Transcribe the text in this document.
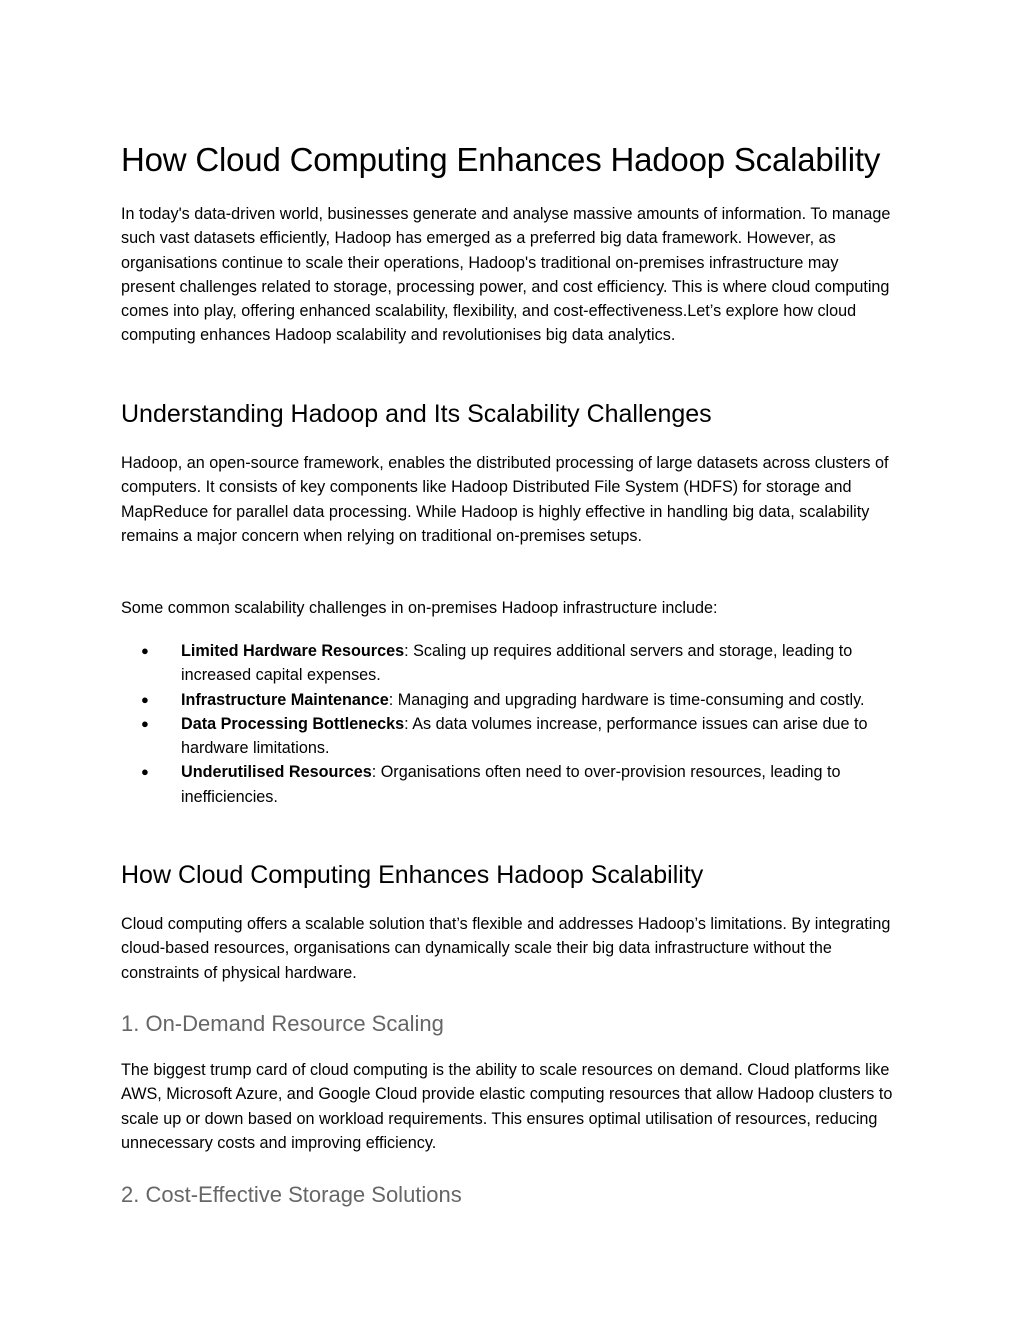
How Cloud Computing Enhances Hadoop Scalability

In today's data-driven world, businesses generate and analyse massive amounts of information. To manage such vast datasets efficiently, Hadoop has emerged as a preferred big data framework. However, as organisations continue to scale their operations, Hadoop's traditional on-premises infrastructure may present challenges related to storage, processing power, and cost efficiency. This is where cloud computing comes into play, offering enhanced scalability, flexibility, and cost-effectiveness.Let’s explore how cloud computing enhances Hadoop scalability and revolutionises big data analytics.

Understanding Hadoop and Its Scalability Challenges

Hadoop, an open-source framework, enables the distributed processing of large datasets across clusters of computers. It consists of key components like Hadoop Distributed File System (HDFS) for storage and MapReduce for parallel data processing. While Hadoop is highly effective in handling big data, scalability remains a major concern when relying on traditional on-premises setups.

Some common scalability challenges in on-premises Hadoop infrastructure include:

● Limited Hardware Resources: Scaling up requires additional servers and storage, leading to increased capital expenses.
● Infrastructure Maintenance: Managing and upgrading hardware is time-consuming and costly.
● Data Processing Bottlenecks: As data volumes increase, performance issues can arise due to hardware limitations.
● Underutilised Resources: Organisations often need to over-provision resources, leading to inefficiencies.
How Cloud Computing Enhances Hadoop Scalability

Cloud computing offers a scalable solution that’s flexible and addresses Hadoop’s limitations. By integrating cloud-based resources, organisations can dynamically scale their big data infrastructure without the constraints of physical hardware.

1. On-Demand Resource Scaling

The biggest trump card of cloud computing is the ability to scale resources on demand. Cloud platforms like AWS, Microsoft Azure, and Google Cloud provide elastic computing resources that allow Hadoop clusters to scale up or down based on workload requirements. This ensures optimal utilisation of resources, reducing unnecessary costs and improving efficiency.

2. Cost-Effective Storage Solutions
